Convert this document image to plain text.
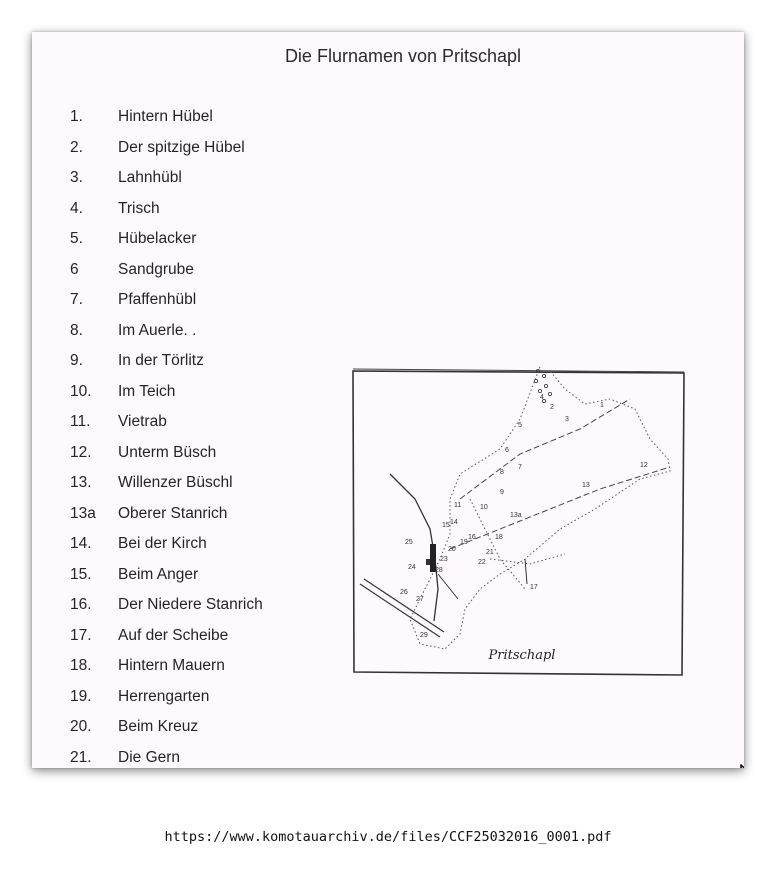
Die Flurnamen von Pritschapl
1.	Hintern Hübel
2.	Der spitzige Hübel
3.	Lahnhübl
4.	Trisch
5.	Hübelacker
6	Sandgrube
7.	Pfaffenhübl
8.	Im Auerle. .
9.	In der Törlitz
10.	Im Teich
11.	Vietrab
12.	Unterm Büsch
13.	Willenzer Büschl
13a	Oberer Stanrich
14.	Bei der Kirch
15.	Beim Anger
16.	Der Niedere Stanrich
17.	Auf der Scheibe
18.	Hintern Mauern
19.	Herrengarten
20.	Beim Kreuz
21.	Die Gern
Pritschapl
1
2
3
4
5
6
7
8
9
10
11
12
13
13a
14
15
16
17
18
19
20	21
22
23
24
25
26
27
28
29
https://www.komotauarchiv.de/files/CCF25032016_0001.pdf
